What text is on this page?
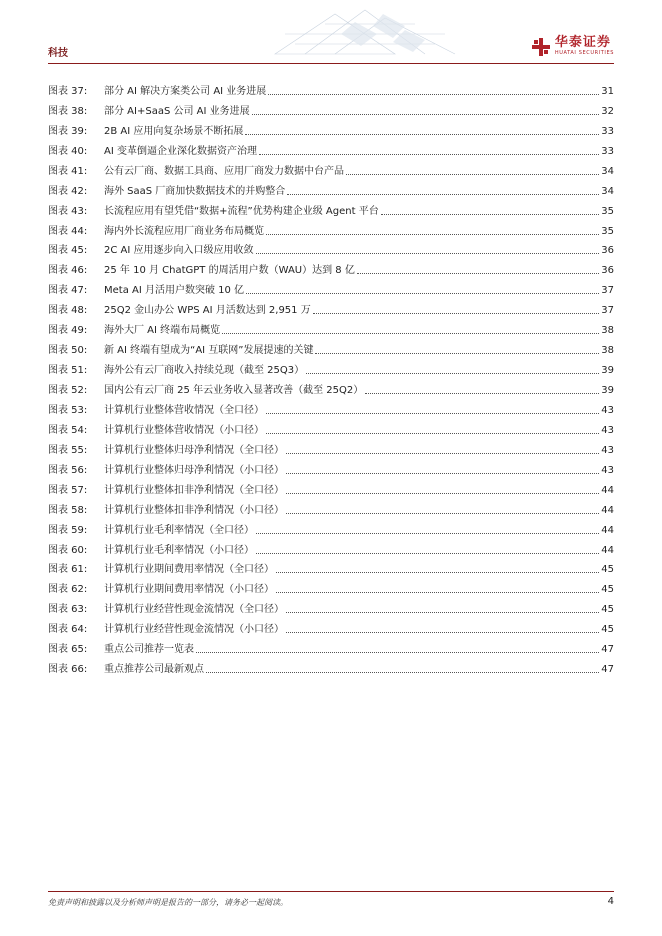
科技
华泰证券
HUATAI SECURITIES
图表 37:	部分 AI 解决方案类公司 AI 业务进展	31
图表 38:	部分 AI+SaaS 公司 AI 业务进展	32
图表 39:	2B AI 应用向复杂场景不断拓展	33
图表 40:	AI 变革倒逼企业深化数据资产治理	33
图表 41:	公有云厂商、数据工具商、应用厂商发力数据中台产品	34
图表 42:	海外 SaaS 厂商加快数据技术的并购整合	34
图表 43:	长流程应用有望凭借“数据+流程”优势构建企业级 Agent 平台	35
图表 44:	海内外长流程应用厂商业务布局概览	35
图表 45:	2C AI 应用逐步向入口级应用收敛	36
图表 46:	25 年 10 月 ChatGPT 的周活用户数（WAU）达到 8 亿	36
图表 47:	Meta AI 月活用户数突破 10 亿	37
图表 48:	25Q2 金山办公 WPS AI 月活数达到 2,951 万	37
图表 49:	海外大厂 AI 终端布局概览	38
图表 50:	新 AI 终端有望成为“AI 互联网”发展提速的关键	38
图表 51:	海外公有云厂商收入持续兑现（截至 25Q3）	39
图表 52:	国内公有云厂商 25 年云业务收入显著改善（截至 25Q2）	39
图表 53:	计算机行业整体营收情况（全口径）	43
图表 54:	计算机行业整体营收情况（小口径）	43
图表 55:	计算机行业整体归母净利情况（全口径）	43
图表 56:	计算机行业整体归母净利情况（小口径）	43
图表 57:	计算机行业整体扣非净利情况（全口径）	44
图表 58:	计算机行业整体扣非净利情况（小口径）	44
图表 59:	计算机行业毛利率情况（全口径）	44
图表 60:	计算机行业毛利率情况（小口径）	44
图表 61:	计算机行业期间费用率情况（全口径）	45
图表 62:	计算机行业期间费用率情况（小口径）	45
图表 63:	计算机行业经营性现金流情况（全口径）	45
图表 64:	计算机行业经营性现金流情况（小口径）	45
图表 65:	重点公司推荐一览表	47
图表 66:	重点推荐公司最新观点	47
免责声明和披露以及分析师声明是报告的一部分，请务必一起阅读。	4
